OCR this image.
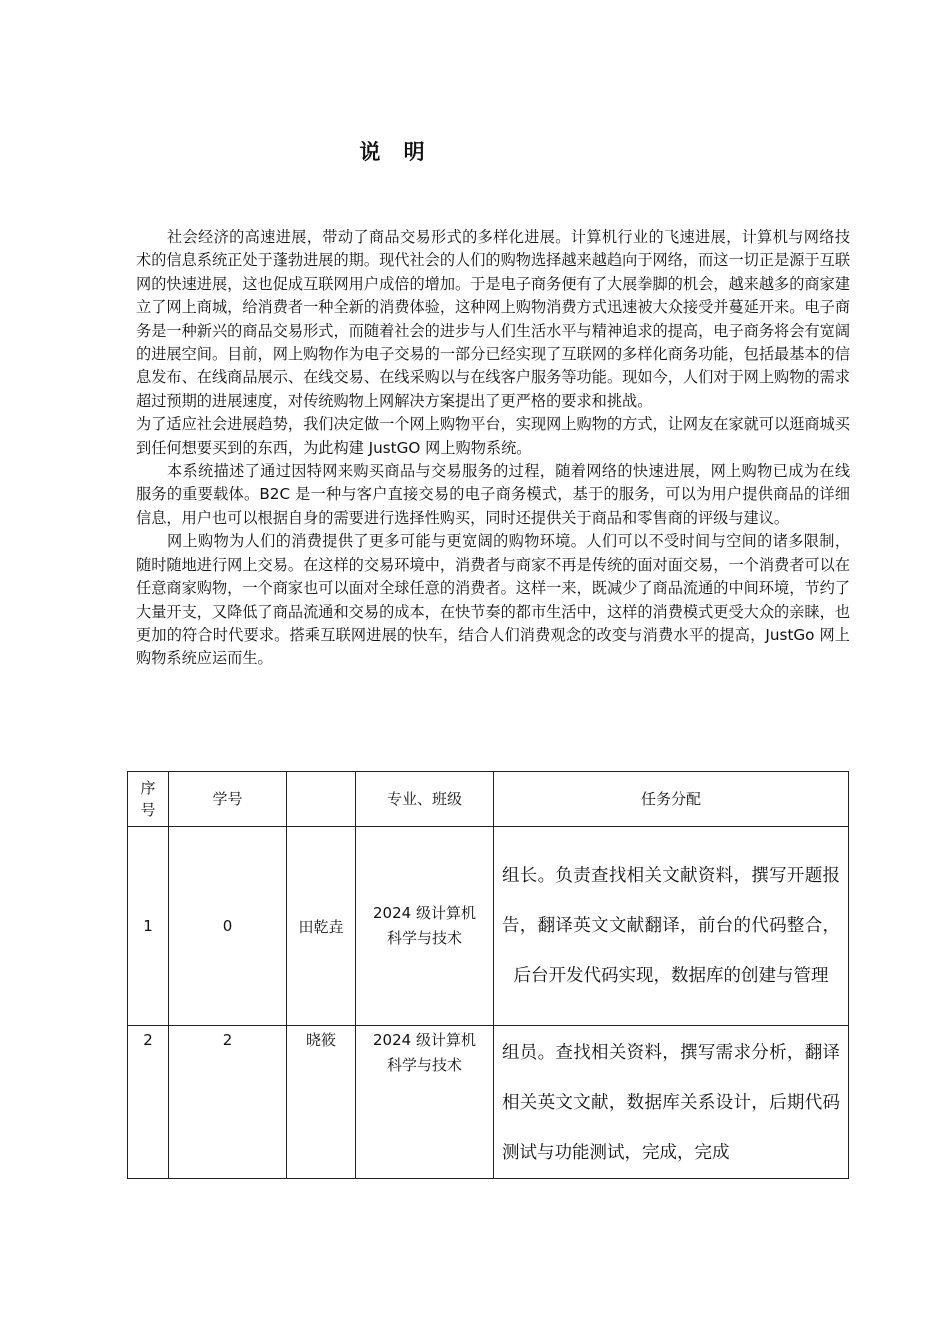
说 明

社会经济的高速进展，带动了商品交易形式的多样化进展。计算机行业的飞速进展，计算机与网络技术的信息系统正处于蓬勃进展的期。现代社会的人们的购物选择越来越趋向于网络，而这一切正是源于互联网的快速进展，这也促成互联网用户成倍的增加。于是电子商务便有了大展拳脚的机会，越来越多的商家建立了网上商城，给消费者一种全新的消费体验，这种网上购物消费方式迅速被大众接受并蔓延开来。电子商务是一种新兴的商品交易形式，而随着社会的进步与人们生活水平与精神追求的提高，电子商务将会有宽阔的进展空间。目前，网上购物作为电子交易的一部分已经实现了互联网的多样化商务功能，包括最基本的信息发布、在线商品展示、在线交易、在线采购以与在线客户服务等功能。现如今，人们对于网上购物的需求超过预期的进展速度，对传统购物上网解决方案提出了更严格的要求和挑战。

为了适应社会进展趋势，我们决定做一个网上购物平台，实现网上购物的方式，让网友在家就可以逛商城买到任何想要买到的东西，为此构建 JustGO 网上购物系统。

本系统描述了通过因特网来购买商品与交易服务的过程，随着网络的快速进展，网上购物已成为在线服务的重要载体。B2C 是一种与客户直接交易的电子商务模式，基于的服务，可以为用户提供商品的详细信息，用户也可以根据自身的需要进行选择性购买，同时还提供关于商品和零售商的评级与建议。

网上购物为人们的消费提供了更多可能与更宽阔的购物环境。人们可以不受时间与空间的诸多限制，随时随地进行网上交易。在这样的交易环境中，消费者与商家不再是传统的面对面交易，一个消费者可以在任意商家购物，一个商家也可以面对全球任意的消费者。这样一来，既减少了商品流通的中间环境，节约了大量开支，又降低了商品流通和交易的成本，在快节奏的都市生活中，这样的消费模式更受大众的亲睐，也更加的符合时代要求。搭乘互联网进展的快车，结合人们消费观念的改变与消费水平的提高，JustGo 网上购物系统应运而生。

序号	学号		专业、班级	任务分配
1	0	田乾垚	2024 级计算机科学与技术	组长。负责查找相关文献资料，撰写开题报告，翻译英文文献翻译，前台的代码整合，后台开发代码实现，数据库的创建与管理
2	2	晓筱	2024 级计算机科学与技术	组员。查找相关资料，撰写需求分析，翻译相关英文文献，数据库关系设计，后期代码测试与功能测试，完成，完成
